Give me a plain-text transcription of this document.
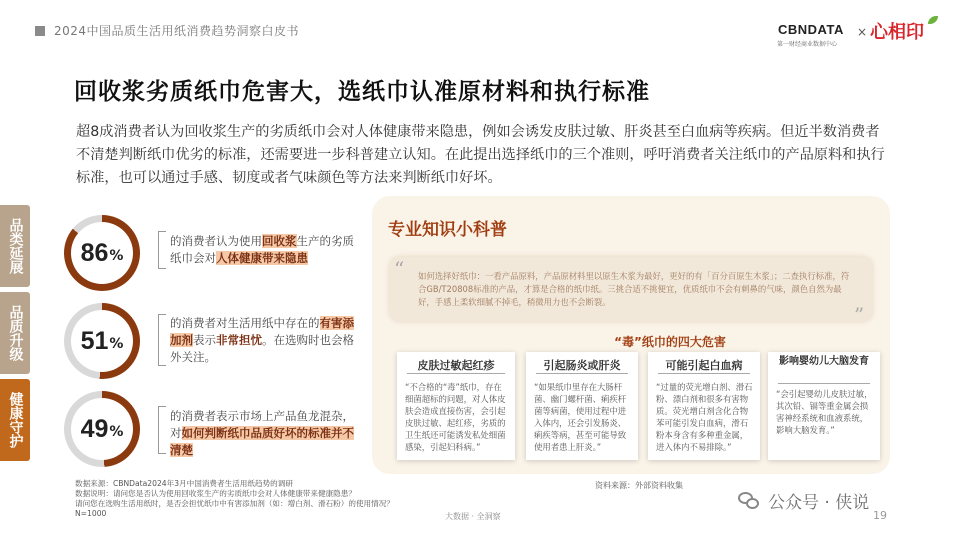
2024中国品质生活用纸消费趋势洞察白皮书	CBNDATA
第一财经商业数据中心
× 心相印
回收浆劣质纸巾危害大，选纸巾认准原材料和执行标准
超8成消费者认为回收浆生产的劣质纸巾会对人体健康带来隐患，例如会诱发皮肤过敏、肝炎甚至白血病等疾病。但近半数消费者不清楚判断纸巾优劣的标准，还需要进一步科普建立认知。在此提出选择纸巾的三个准则，呼吁消费者关注纸巾的产品原料和执行标准，也可以通过手感、韧度或者气味颜色等方法来判断纸巾好坏。
品类延展
品质升级
健康守护
86 %
的消费者认为使用回收浆生产的劣质纸巾会对人体健康带来隐患
51 %
的消费者对生活用纸中存在的有害添加剂表示非常担忧。在选购时也会格外关注。
49 %
的消费者表示市场上产品鱼龙混杂，对如何判断纸巾品质好坏的标准并不清楚
数据来源：CBNData2024年3月中国消费者生活用纸趋势的调研
数据说明：请问您是否认为使用回收浆生产的劣质纸巾会对人体健康带来健康隐患？
请问您在选购生活用纸时，是否会担忧纸巾中有害添加剂（如：增白剂、滑石粉）的使用情况？N=1000
专业知识小科普
“
”
如何选择好纸巾：一看产品原料，产品原材料里以原生木浆为最好，更好的有「百分百原生木浆」；二查执行标准，符合GB/T20808标准的产品，才算是合格的纸巾纸。三挑合适不挑便宜，优质纸巾不会有刺鼻的气味，颜色自然为最好，手感上柔软细腻不掉毛，稍微用力也不会断裂。
“毒”纸巾的四大危害
皮肤过敏起红疹
“不合格的“毒”纸巾，存在细菌超标的问题，对人体皮肤会造成直接伤害，会引起皮肤过敏、起红疹，劣质的卫生纸还可能诱发私处细菌感染，引起妇科病。”
引起肠炎或肝炎
“如果纸巾里存在大肠杆菌、幽门螺杆菌、痢疾杆菌等病菌，使用过程中进入体内，还会引发肠炎、痢疾等病，甚至可能导致使用者患上肝炎。”
可能引起白血病
“过量的荧光增白剂、滑石粉、漂白剂和很多有害物质。荧光增白剂含化合物苯可能引发白血病，滑石粉本身含有多种重金属，进入体内不易排除。”
影响婴幼儿大脑发育
“会引起婴幼儿皮肤过敏，其次铅、镉等重金属会损害神经系统和血液系统，影响大脑发育。”
资料来源：外部资料收集
大数据 · 全洞察	19
公众号 · 侠说
